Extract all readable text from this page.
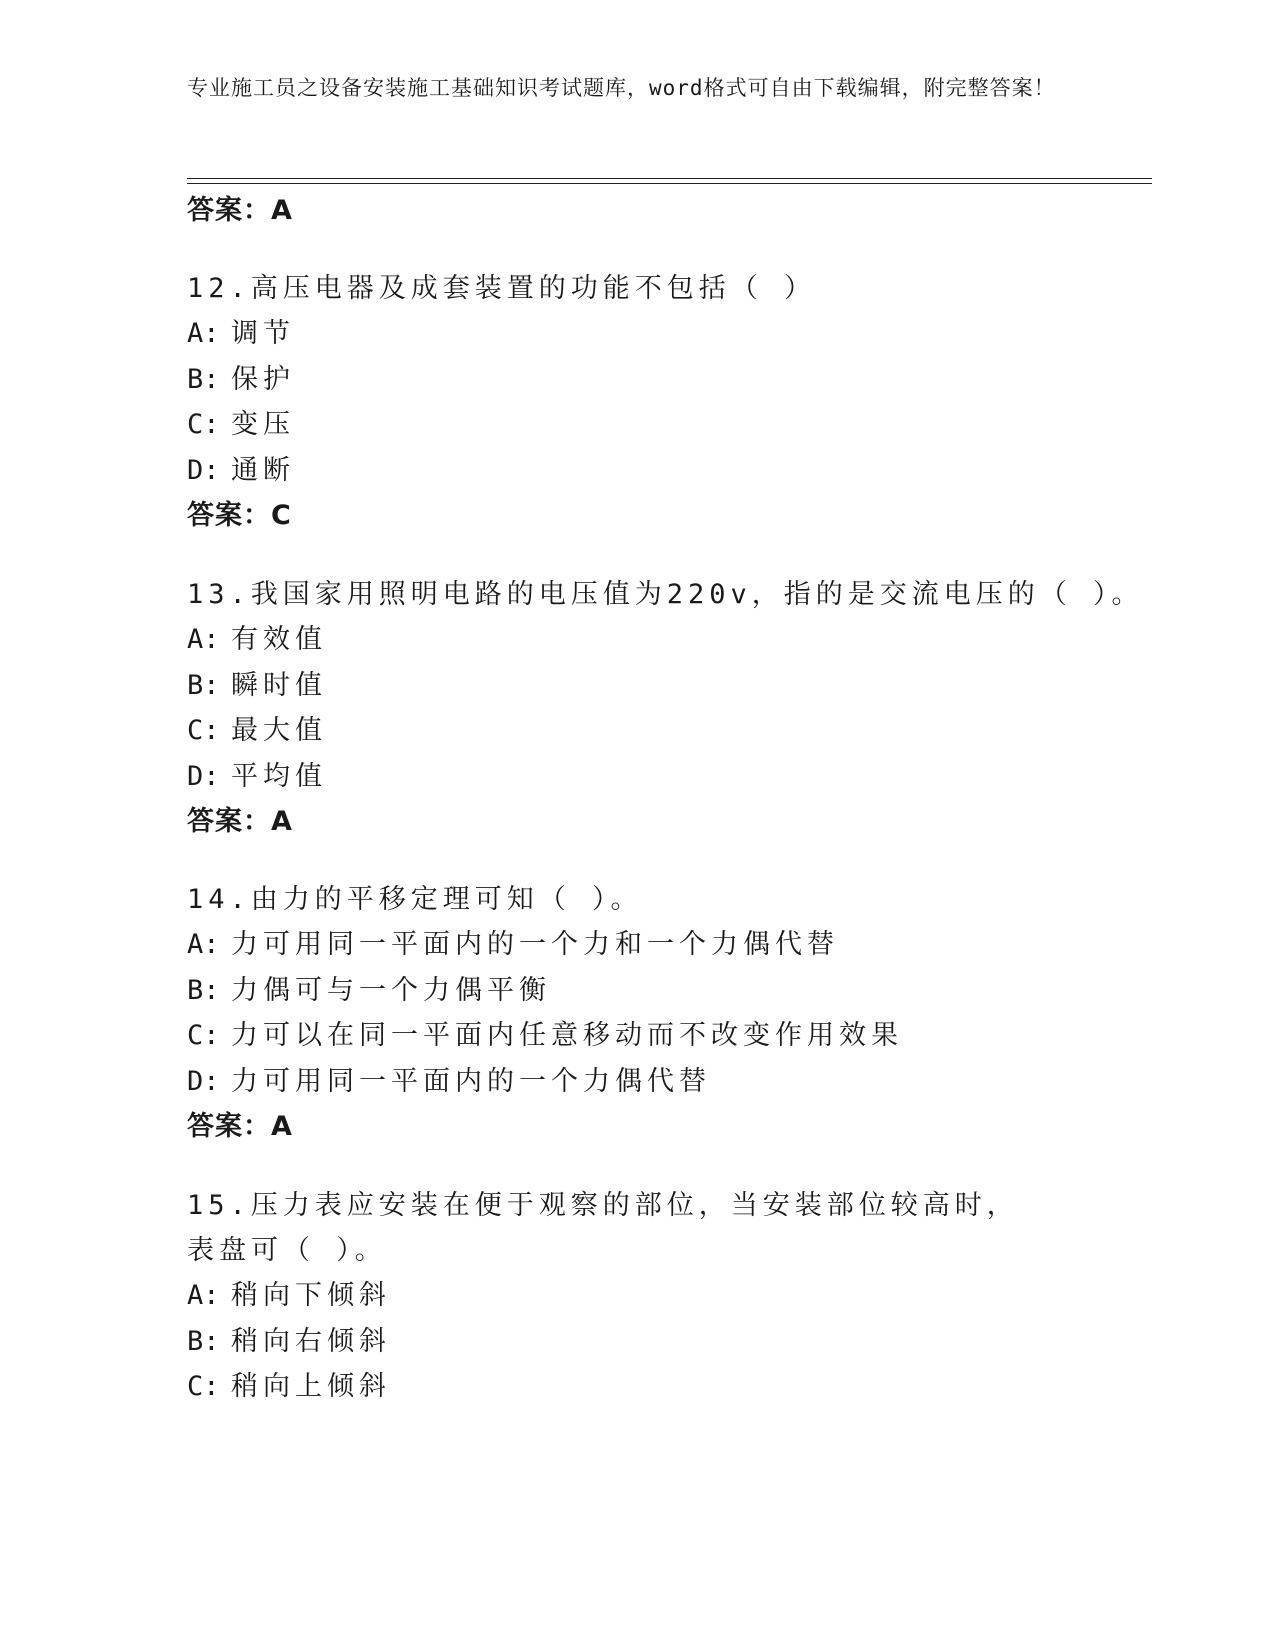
专业施工员之设备安装施工基础知识考试题库，word格式可自由下载编辑，附完整答案！
答案：A
12.高压电器及成套装置的功能不包括（ ）
A: 调节
B: 保护
C: 变压
D: 通断
答案：C
13.我国家用照明电路的电压值为220v，指的是交流电压的（ ）。
A: 有效值
B: 瞬时值
C: 最大值
D: 平均值
答案：A
14.由力的平移定理可知（ ）。
A: 力可用同一平面内的一个力和一个力偶代替
B: 力偶可与一个力偶平衡
C: 力可以在同一平面内任意移动而不改变作用效果
D: 力可用同一平面内的一个力偶代替
答案：A
15.压力表应安装在便于观察的部位，当安装部位较高时，表盘可（ ）。
A: 稍向下倾斜
B: 稍向右倾斜
C: 稍向上倾斜
